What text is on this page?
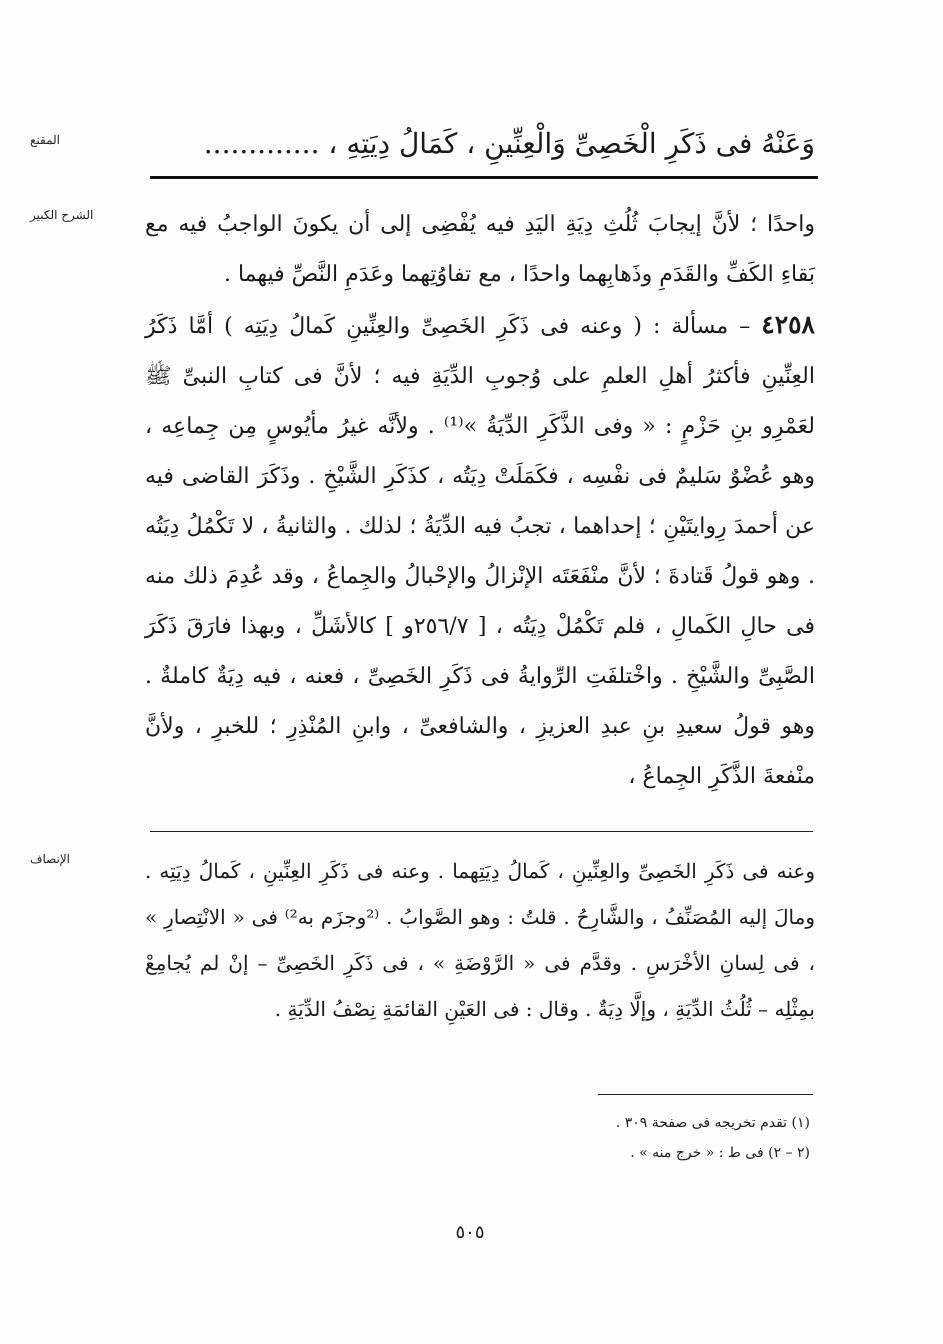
المقنع	وَعَنْهُ فى ذَكَرِ الْخَصِىِّ وَالْعِنِّينِ ، كَمَالُ دِيَتِهِ ، .............
الشرح الكبير	واحدًا ؛ لأنَّ إيجابَ ثُلُثِ دِيَةِ اليَدِ فيه يُفْضِى إلى أن يكونَ الواجبُ فيه مع بَقاءِ الكَفِّ والقَدَمِ وذَهابِهما واحدًا ، مع تفاوُتِهما وعَدَمِ النَّصِّ فيهما .

٤٢٥٨ – مسألة : ( وعنه فى ذَكَرِ الخَصِىِّ والعِنِّينِ كَمالُ دِيَتِه ) أمَّا ذَكَرُ العِنِّينِ فأكثرُ أهلِ العلمِ على وُجوبِ الدِّيَةِ فيه ؛ لأنَّ فى كتابِ النبىِّ ﷺ لعَمْرِو بنِ حَزْمٍ : « وفى الذَّكَرِ الدِّيَةُ »⁽¹⁾ . ولأنَّه غيرُ مأيُوسٍ مِن جِماعِه ، وهو عُضْوٌ سَليمٌ فى نفْسِه ، فكَمَلَتْ دِيَتُه ، كذَكَرِ الشَّيْخِ . وذَكَرَ القاضى فيه عن أحمدَ رِوايتَيْنِ ؛ إحداهما ، تجبُ فيه الدِّيَةُ ؛ لذلك . والثانيةُ ، لا تَكْمُلُ دِيَتُه . وهو قولُ قَتادةَ ؛ لأنَّ منْفَعَتَه الإنْزالُ والإحْبالُ والجِماعُ ، وقد عُدِمَ ذلك منه فى حالِ الكَمالِ ، فلم تَكْمُلْ دِيَتُه ، [ ٢٥٦/٧و ] كالأشَلِّ ، وبهذا فارَقَ ذَكَرَ الصَّبِىِّ والشَّيْخِ . واخْتلفَتِ الرِّوايةُ فى ذَكَرِ الخَصِىِّ ، فعنه ، فيه دِيَةٌ كاملةٌ . وهو قولُ سعيدِ بنِ عبدِ العزيزِ ، والشافعىِّ ، وابنِ المُنْذِرِ ؛ للخبرِ ، ولأنَّ منْفعةَ الذَّكَرِ الجِماعُ ،

الإنصاف	وعنه فى ذَكَرِ الخَصِىِّ والعِنِّينِ ، كَمالُ دِيَتِهما . وعنه فى ذَكَرِ العِنِّينِ ، كَمالُ دِيَتِه . ومالَ إليه المُصَنِّفُ ، والشَّارِحُ . قلتُ : وهو الصَّوابُ . ⁽²وجزَم به²⁾ فى « الانْتِصارِ » ، فى لِسانِ الأخْرَسِ . وقدَّم فى « الرَّوْضَةِ » ، فى ذَكَرِ الخَصِىِّ – إنْ لم يُجامِعْ بمِثْلِه – ثُلُثُ الدِّيَةِ ، وإلَّا دِيَةٌ . وقال : فى العَيْنِ القائمَةِ نِصْفُ الدِّيَةِ .

(١) تقدم تخريجه فى صفحة ٣٠٩ .
(٢ – ٢) فى ط : « خرج منه » .
٥٠٥
